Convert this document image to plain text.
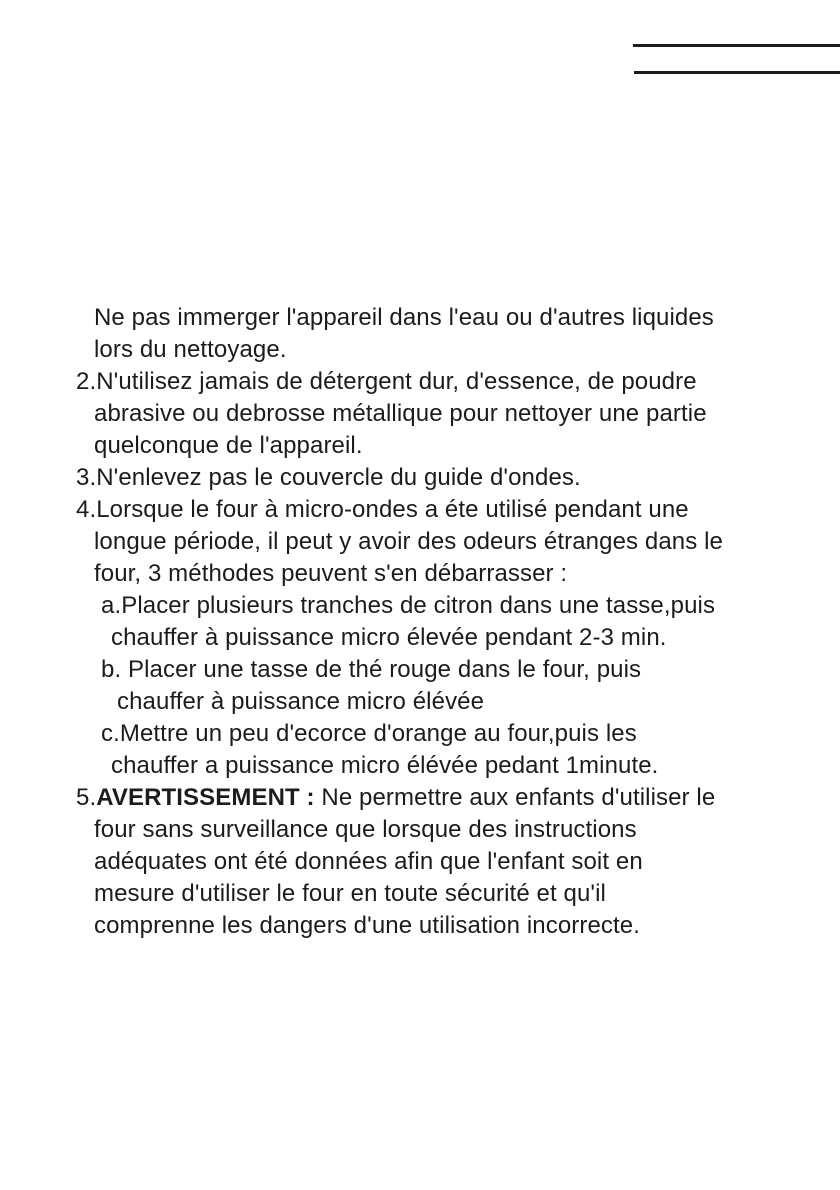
Ne pas immerger l'appareil dans l'eau ou d'autres liquides
lors du nettoyage.
2.N'utilisez jamais de détergent dur, d'essence, de poudre
abrasive ou debrosse métallique pour nettoyer une partie
quelconque de l'appareil.
3.N'enlevez pas le couvercle du guide d'ondes.
4.Lorsque le four à micro-ondes a éte utilisé pendant une
longue période, il peut y avoir des odeurs étranges dans le
four, 3 méthodes peuvent s'en débarrasser :
a.Placer plusieurs tranches de citron dans une tasse,puis
chauffer à puissance micro élevée pendant 2-3 min.
b. Placer une tasse de thé rouge dans le four, puis
chauffer à puissance micro élévée
c.Mettre un peu d'ecorce d'orange au four,puis les
chauffer a puissance micro élévée pedant 1minute.
5.AVERTISSEMENT : Ne permettre aux enfants d'utiliser le
four sans surveillance que lorsque des instructions
adéquates ont été données afin que l'enfant soit en
mesure d'utiliser le four en toute sécurité et qu'il
comprenne les dangers d'une utilisation incorrecte.
